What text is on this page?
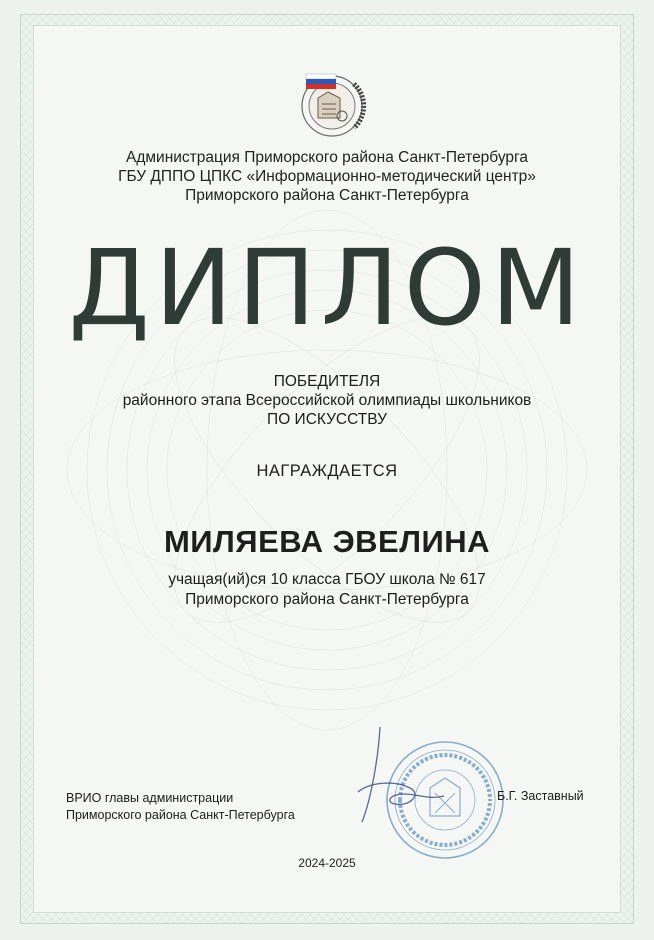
Администрация Приморского района Санкт-Петербурга
ГБУ ДППО ЦПКС «Информационно-методический центр»
Приморского района Санкт-Петербурга
ДИПЛОМ
ПОБЕДИТЕЛЯ
районного этапа Всероссийской олимпиады школьников
ПО ИСКУССТВУ
НАГРАЖДАЕТСЯ
МИЛЯЕВА ЭВЕЛИНА
учащая(ий)ся 10 класса ГБОУ школа № 617
Приморского района Санкт-Петербурга
ВРИО главы администрации
Приморского района Санкт-Петербурга
Б.Г. Заставный
2024-2025
